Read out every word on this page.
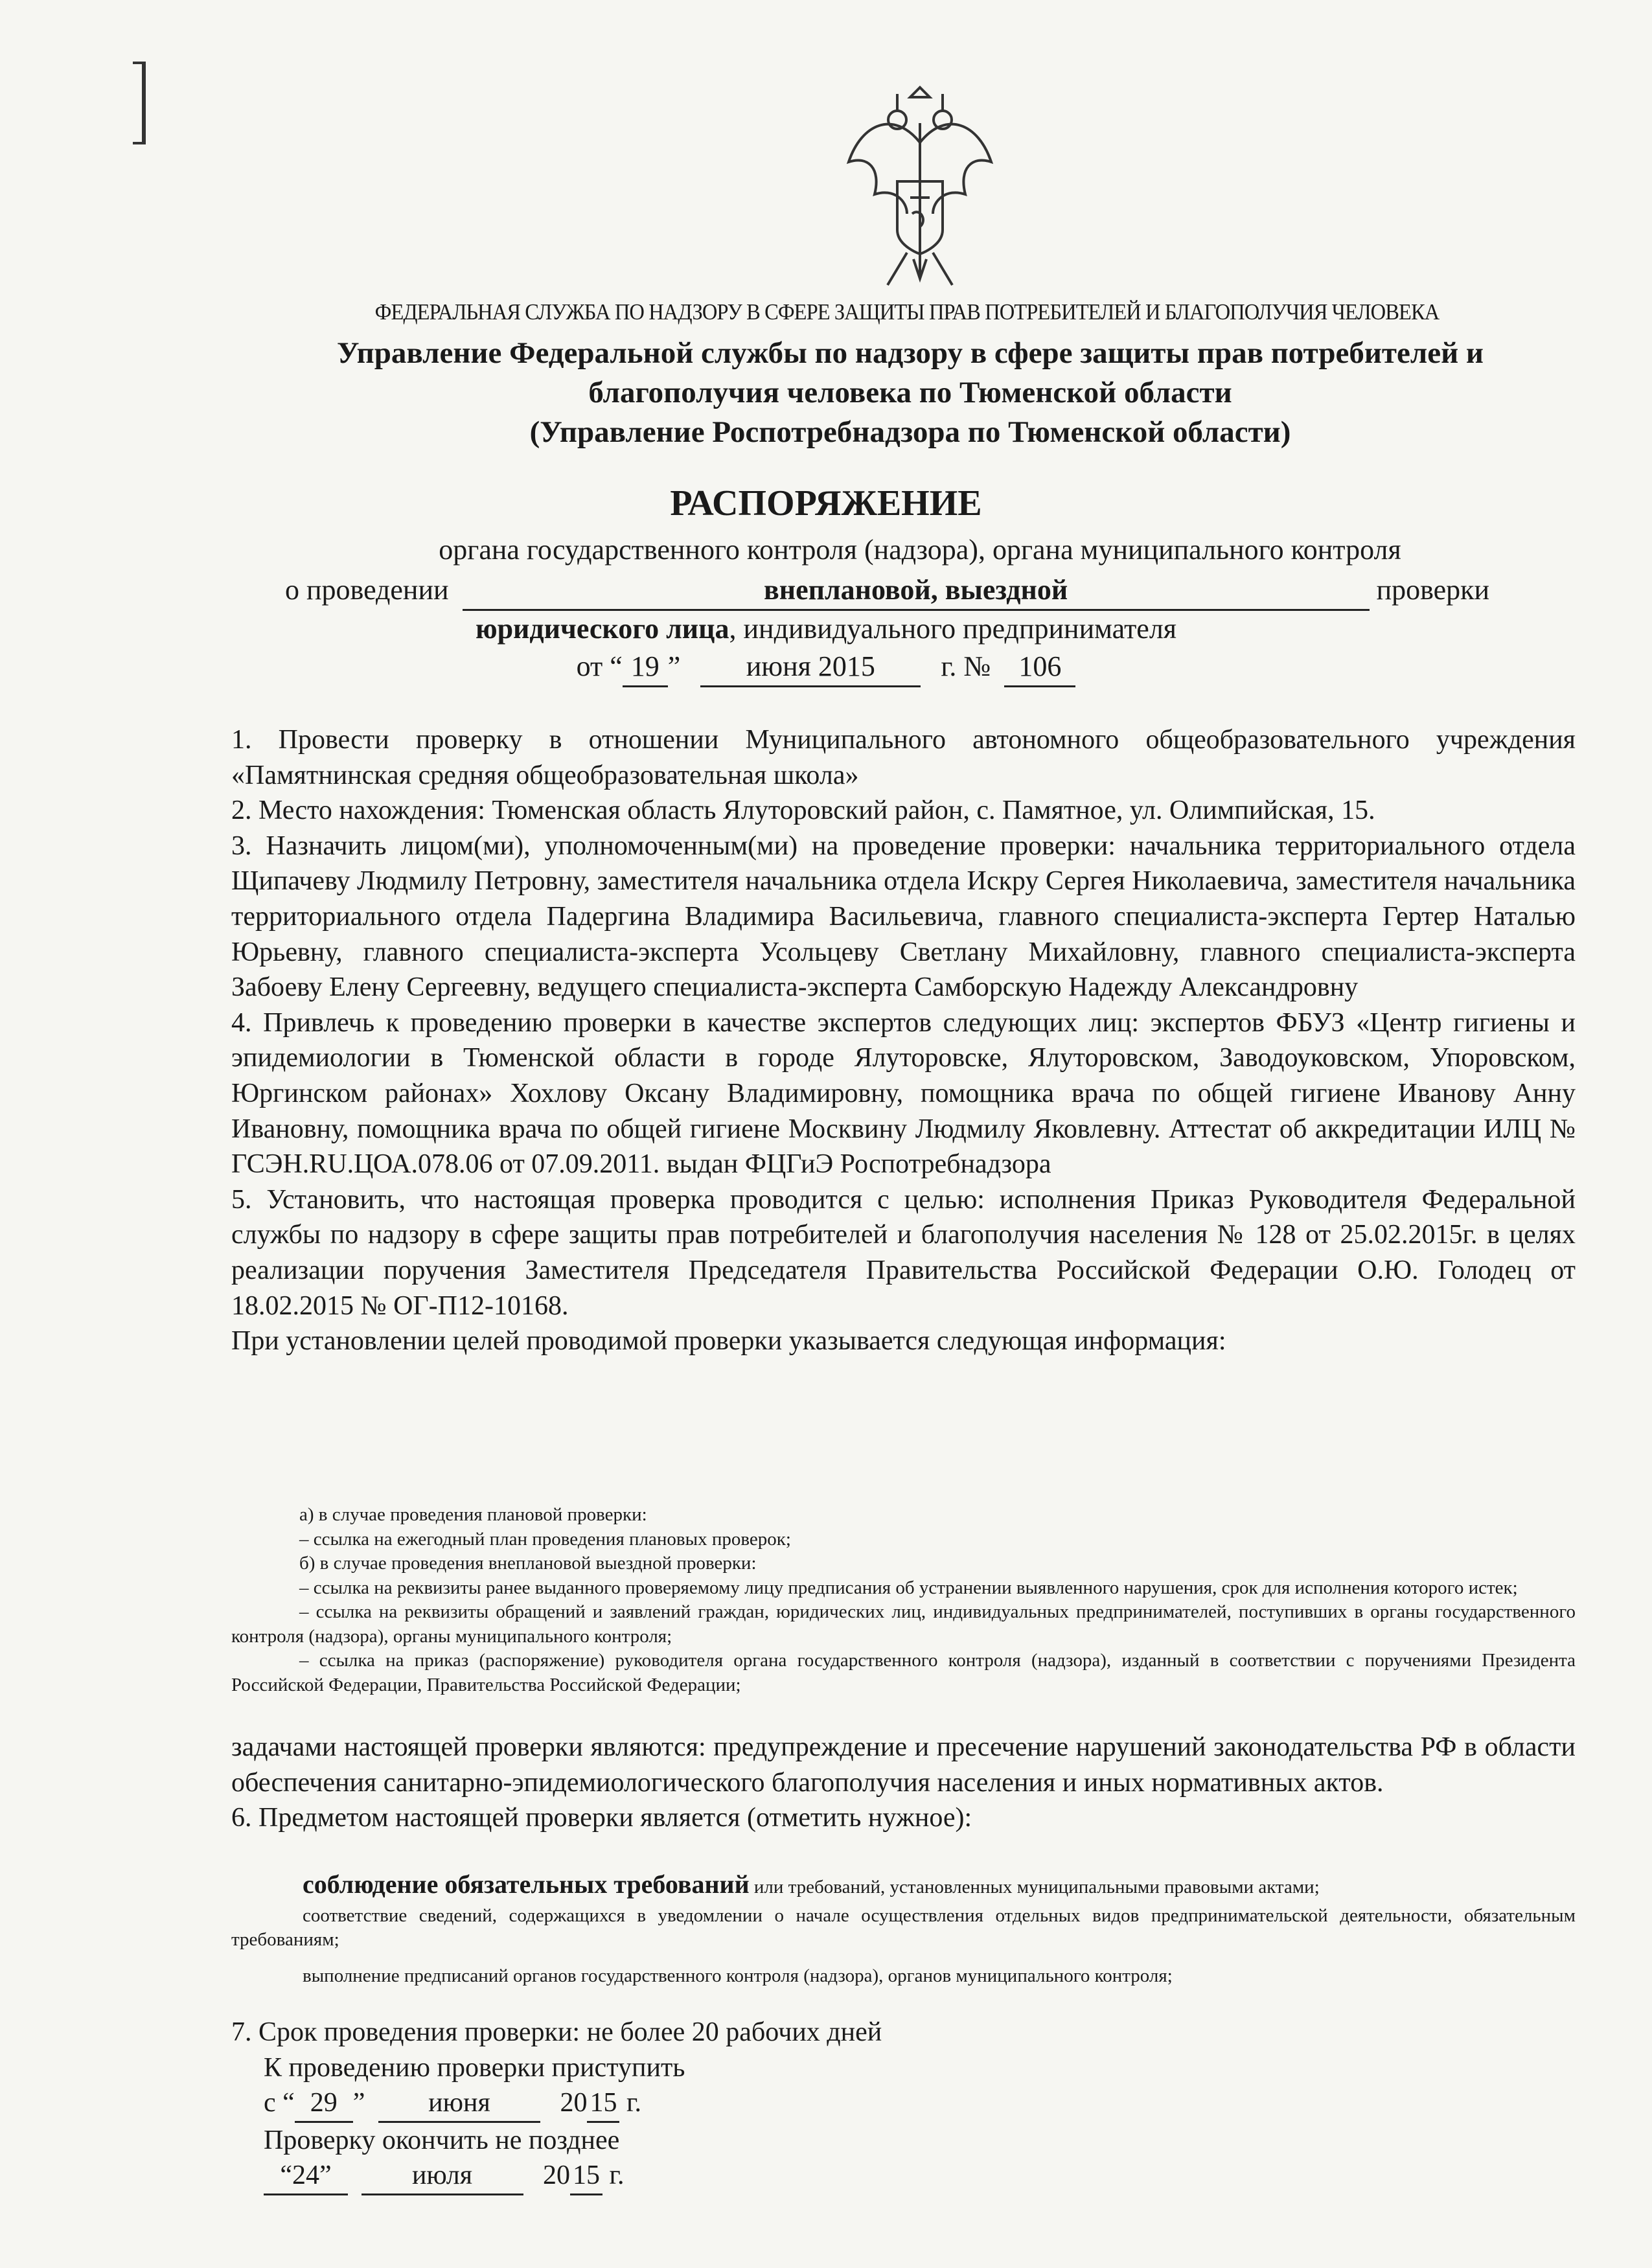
ФЕДЕРАЛЬНАЯ СЛУЖБА ПО НАДЗОРУ В СФЕРЕ ЗАЩИТЫ ПРАВ ПОТРЕБИТЕЛЕЙ И БЛАГОПОЛУЧИЯ ЧЕЛОВЕКА
Управление Федеральной службы по надзору в сфере защиты прав потребителей и
благополучия человека по Тюменской области
(Управление Роспотребнадзора по Тюменской области)
РАСПОРЯЖЕНИЕ
органа государственного контроля (надзора), органа муниципального контроля
о проведении	внеплановой, выездной	проверки
юридического лица, индивидуального предпринимателя
от “ 19 ” июня 2015 г. № 106

1. Провести проверку в отношении Муниципального автономного общеобразовательного учреждения «Памятнинская средняя общеобразовательная школа»

2. Место нахождения: Тюменская область Ялуторовский район, с. Памятное, ул. Олимпийская, 15.

3. Назначить лицом(ми), уполномоченным(ми) на проведение проверки: начальника территориального отдела Щипачеву Людмилу Петровну, заместителя начальника отдела Искру Сергея Николаевича, заместителя начальника территориального отдела Падергина Владимира Васильевича, главного специалиста-эксперта Гертер Наталью Юрьевну, главного специалиста-эксперта Усольцеву Светлану Михайловну, главного специалиста-эксперта Забоеву Елену Сергеевну, ведущего специалиста-эксперта Самборскую Надежду Александровну

4. Привлечь к проведению проверки в качестве экспертов следующих лиц: экспертов ФБУЗ «Центр гигиены и эпидемиологии в Тюменской области в городе Ялуторовске, Ялуторовском, Заводоуковском, Упоровском, Юргинском районах» Хохлову Оксану Владимировну, помощника врача по общей гигиене Иванову Анну Ивановну, помощника врача по общей гигиене Москвину Людмилу Яковлевну. Аттестат об аккредитации ИЛЦ № ГСЭН.RU.ЦОА.078.06 от 07.09.2011. выдан ФЦГиЭ Роспотребнадзора

5. Установить, что настоящая проверка проводится с целью: исполнения Приказ Руководителя Федеральной службы по надзору в сфере защиты прав потребителей и благополучия населения № 128 от 25.02.2015г. в целях реализации поручения Заместителя Председателя Правительства Российской Федерации О.Ю. Голодец от 18.02.2015 № ОГ-П12-10168.

При установлении целей проводимой проверки указывается следующая информация:

а) в случае проведения плановой проверки:

– ссылка на ежегодный план проведения плановых проверок;

б) в случае проведения внеплановой выездной проверки:

– ссылка на реквизиты ранее выданного проверяемому лицу предписания об устранении выявленного нарушения, срок для исполнения которого истек;

– ссылка на реквизиты обращений и заявлений граждан, юридических лиц, индивидуальных предпринимателей, поступивших в органы государственного контроля (надзора), органы муниципального контроля;

– ссылка на приказ (распоряжение) руководителя органа государственного контроля (надзора), изданный в соответствии с поручениями Президента Российской Федерации, Правительства Российской Федерации;

задачами настоящей проверки являются: предупреждение и пресечение нарушений законодательства РФ в области обеспечения санитарно-эпидемиологического благополучия населения и иных нормативных актов.

6. Предметом настоящей проверки является (отметить нужное):

соблюдение обязательных требований или требований, установленных муниципальными правовыми актами;

соответствие сведений, содержащихся в уведомлении о начале осуществления отдельных видов предпринимательской деятельности, обязательным требованиям;

выполнение предписаний органов государственного контроля (надзора), органов муниципального контроля;

7. Срок проведения проверки: не более 20 рабочих дней

К проведению проверки приступить

с “ 29 ” июня	2015 г.

Проверку окончить не позднее

“24”	июля	2015 г.
